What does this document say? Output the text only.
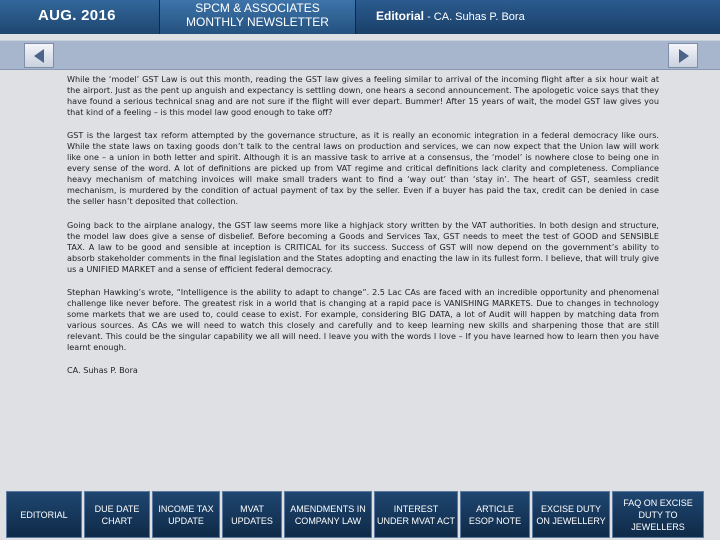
AUG. 2016	SPCM & ASSOCIATES
MONTHLY NEWSLETTER	Editorial - CA. Suhas P. Bora

While the ‘model’ GST Law is out this month, reading the GST law gives a feeling similar to arrival of the incoming flight after a six hour wait at the airport. Just as the pent up anguish and expectancy is settling down, one hears a second announcement. The apologetic voice says that they have found a serious technical snag and are not sure if the flight will ever depart. Bummer! After 15 years of wait, the model GST law gives you that kind of a feeling – is this model law good enough to take off?

GST is the largest tax reform attempted by the governance structure, as it is really an economic integration in a federal democracy like ours. While the state laws on taxing goods don’t talk to the central laws on production and services, we can now expect that the Union law will work like one – a union in both letter and spirit. Although it is an massive task to arrive at a consensus, the ‘model’ is nowhere close to being one in every sense of the word. A lot of definitions are picked up from VAT regime and critical definitions lack clarity and completeness. Compliance heavy mechanism of matching invoices will make small traders want to find a ‘way out’ than ‘stay in’. The heart of GST, seamless credit mechanism, is murdered by the condition of actual payment of tax by the seller. Even if a buyer has paid the tax, credit can be denied in case the seller hasn’t deposited that collection.

Going back to the airplane analogy, the GST law seems more like a highjack story written by the VAT authorities. In both design and structure, the model law does give a sense of disbelief. Before becoming a Goods and Services Tax, GST needs to meet the test of GOOD and SENSIBLE TAX. A law to be good and sensible at inception is CRITICAL for its success. Success of GST will now depend on the government’s ability to absorb stakeholder comments in the final legislation and the States adopting and enacting the law in its fullest form. I believe, that will truly give us a UNIFIED MARKET and a sense of efficient federal democracy.

Stephan Hawking’s wrote, “Intelligence is the ability to adapt to change”. 2.5 Lac CAs are faced with an incredible opportunity and phenomenal challenge like never before. The greatest risk in a world that is changing at a rapid pace is VANISHING MARKETS. Due to changes in technology some markets that we are used to, could cease to exist. For example, considering BIG DATA, a lot of Audit will happen by matching data from various sources. As CAs we will need to watch this closely and carefully and to keep learning new skills and sharpening those that are still relevant. This could be the singular capability we all will need. I leave you with the words I love – If you have learned how to learn then you have learnt enough.

CA. Suhas P. Bora

EDITORIAL
DUE DATE CHART
INCOME TAX UPDATE
MVAT UPDATES
AMENDMENTS IN COMPANY LAW
INTEREST UNDER MVAT ACT
ARTICLE ESOP NOTE
EXCISE DUTY ON JEWELLERY
FAQ ON EXCISE DUTY TO JEWELLERS
